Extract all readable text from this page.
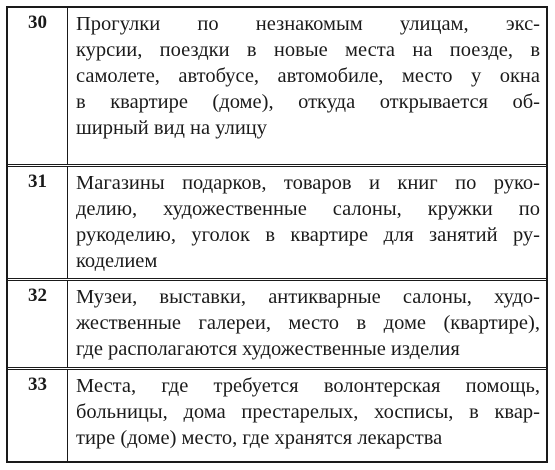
30	Прогулки по незнакомым улицам, экс-
курсии, поездки в новые места на поезде, в
самолете, автобусе, автомобиле, место у окна
в квартире (доме), откуда открывается об-
ширный вид на улицу
31	Магазины подарков, товаров и книг по руко-
делию, художественные салоны, кружки по
рукоделию, уголок в квартире для занятий ру-
коделием
32	Музеи, выставки, антикварные салоны, худо-
жественные галереи, место в доме (квартире),
где располагаются художественные изделия
33	Места, где требуется волонтерская помощь,
больницы, дома престарелых, хосписы, в квар-
тире (доме) место, где хранятся лекарства
